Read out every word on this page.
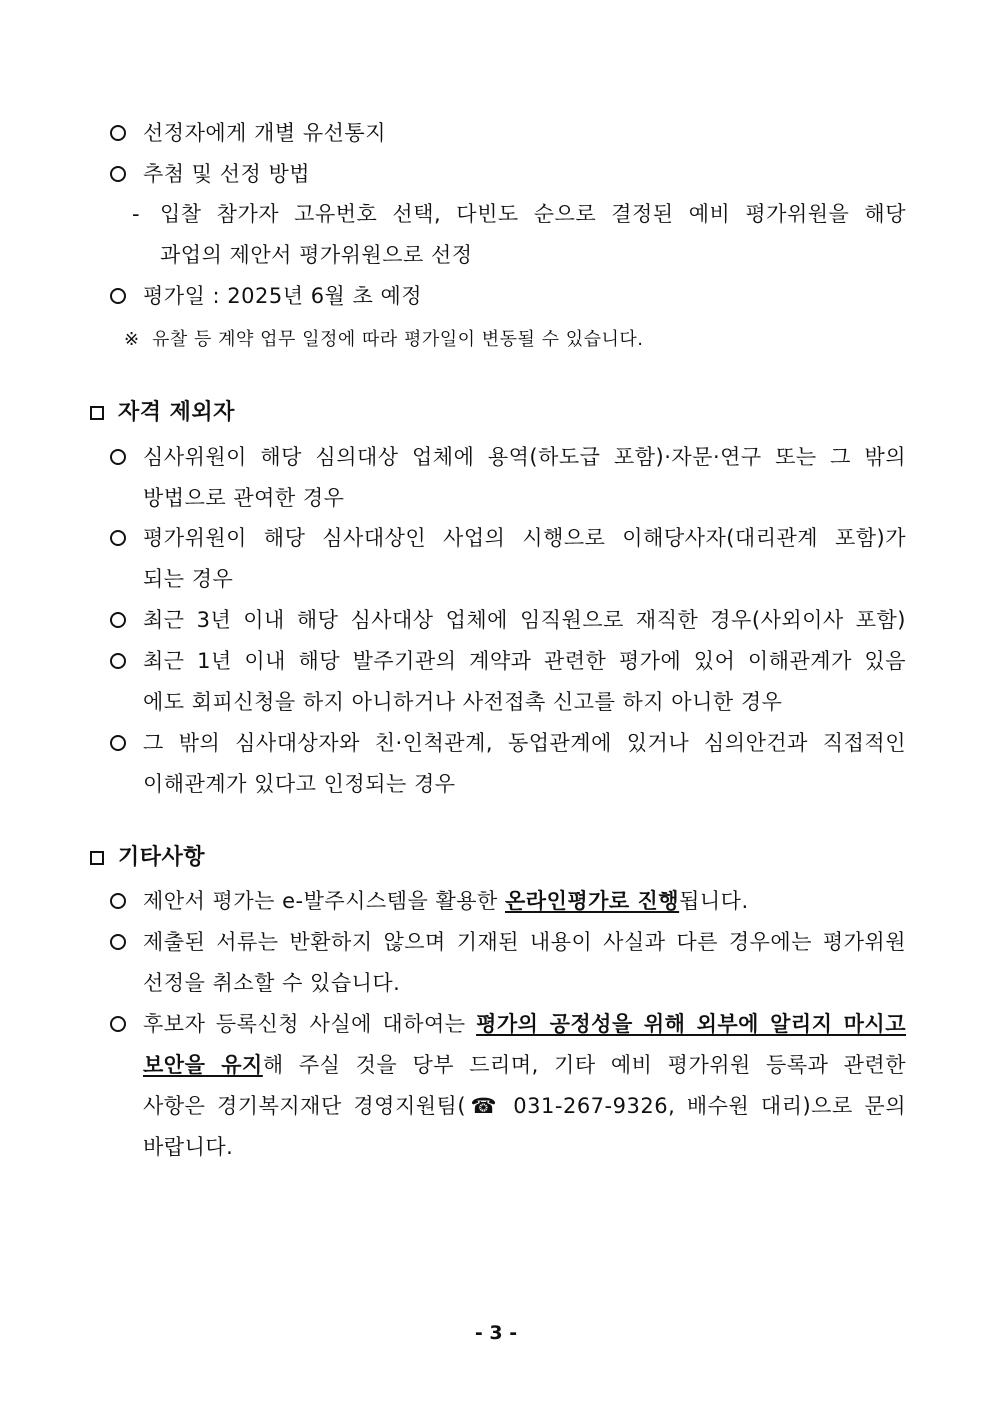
선정자에게 개별 유선통지
추첨 및 선정 방법
- 입찰 참가자 고유번호 선택, 다빈도 순으로 결정된 예비 평가위원을 해당
과업의 제안서 평가위원으로 선정
평가일 : 2025년 6월 초 예정
※ 유찰 등 계약 업무 일정에 따라 평가일이 변동될 수 있습니다.
자격 제외자
심사위원이 해당 심의대상 업체에 용역(하도급 포함)·자문·연구 또는 그 밖의
방법으로 관여한 경우
평가위원이 해당 심사대상인 사업의 시행으로 이해당사자(대리관계 포함)가
되는 경우
최근 3년 이내 해당 심사대상 업체에 임직원으로 재직한 경우(사외이사 포함)
최근 1년 이내 해당 발주기관의 계약과 관련한 평가에 있어 이해관계가 있음
에도 회피신청을 하지 아니하거나 사전접촉 신고를 하지 아니한 경우
그 밖의 심사대상자와 친·인척관계, 동업관계에 있거나 심의안건과 직접적인
이해관계가 있다고 인정되는 경우
기타사항
제안서 평가는 e-발주시스템을 활용한 온라인평가로 진행됩니다.
제출된 서류는 반환하지 않으며 기재된 내용이 사실과 다른 경우에는 평가위원
선정을 취소할 수 있습니다.
후보자 등록신청 사실에 대하여는 평가의 공정성을 위해 외부에 알리지 마시고
보안을 유지해 주실 것을 당부 드리며, 기타 예비 평가위원 등록과 관련한
사항은 경기복지재단 경영지원팀(☎ 031-267-9326, 배수원 대리)으로 문의
바랍니다.
- 3 -
